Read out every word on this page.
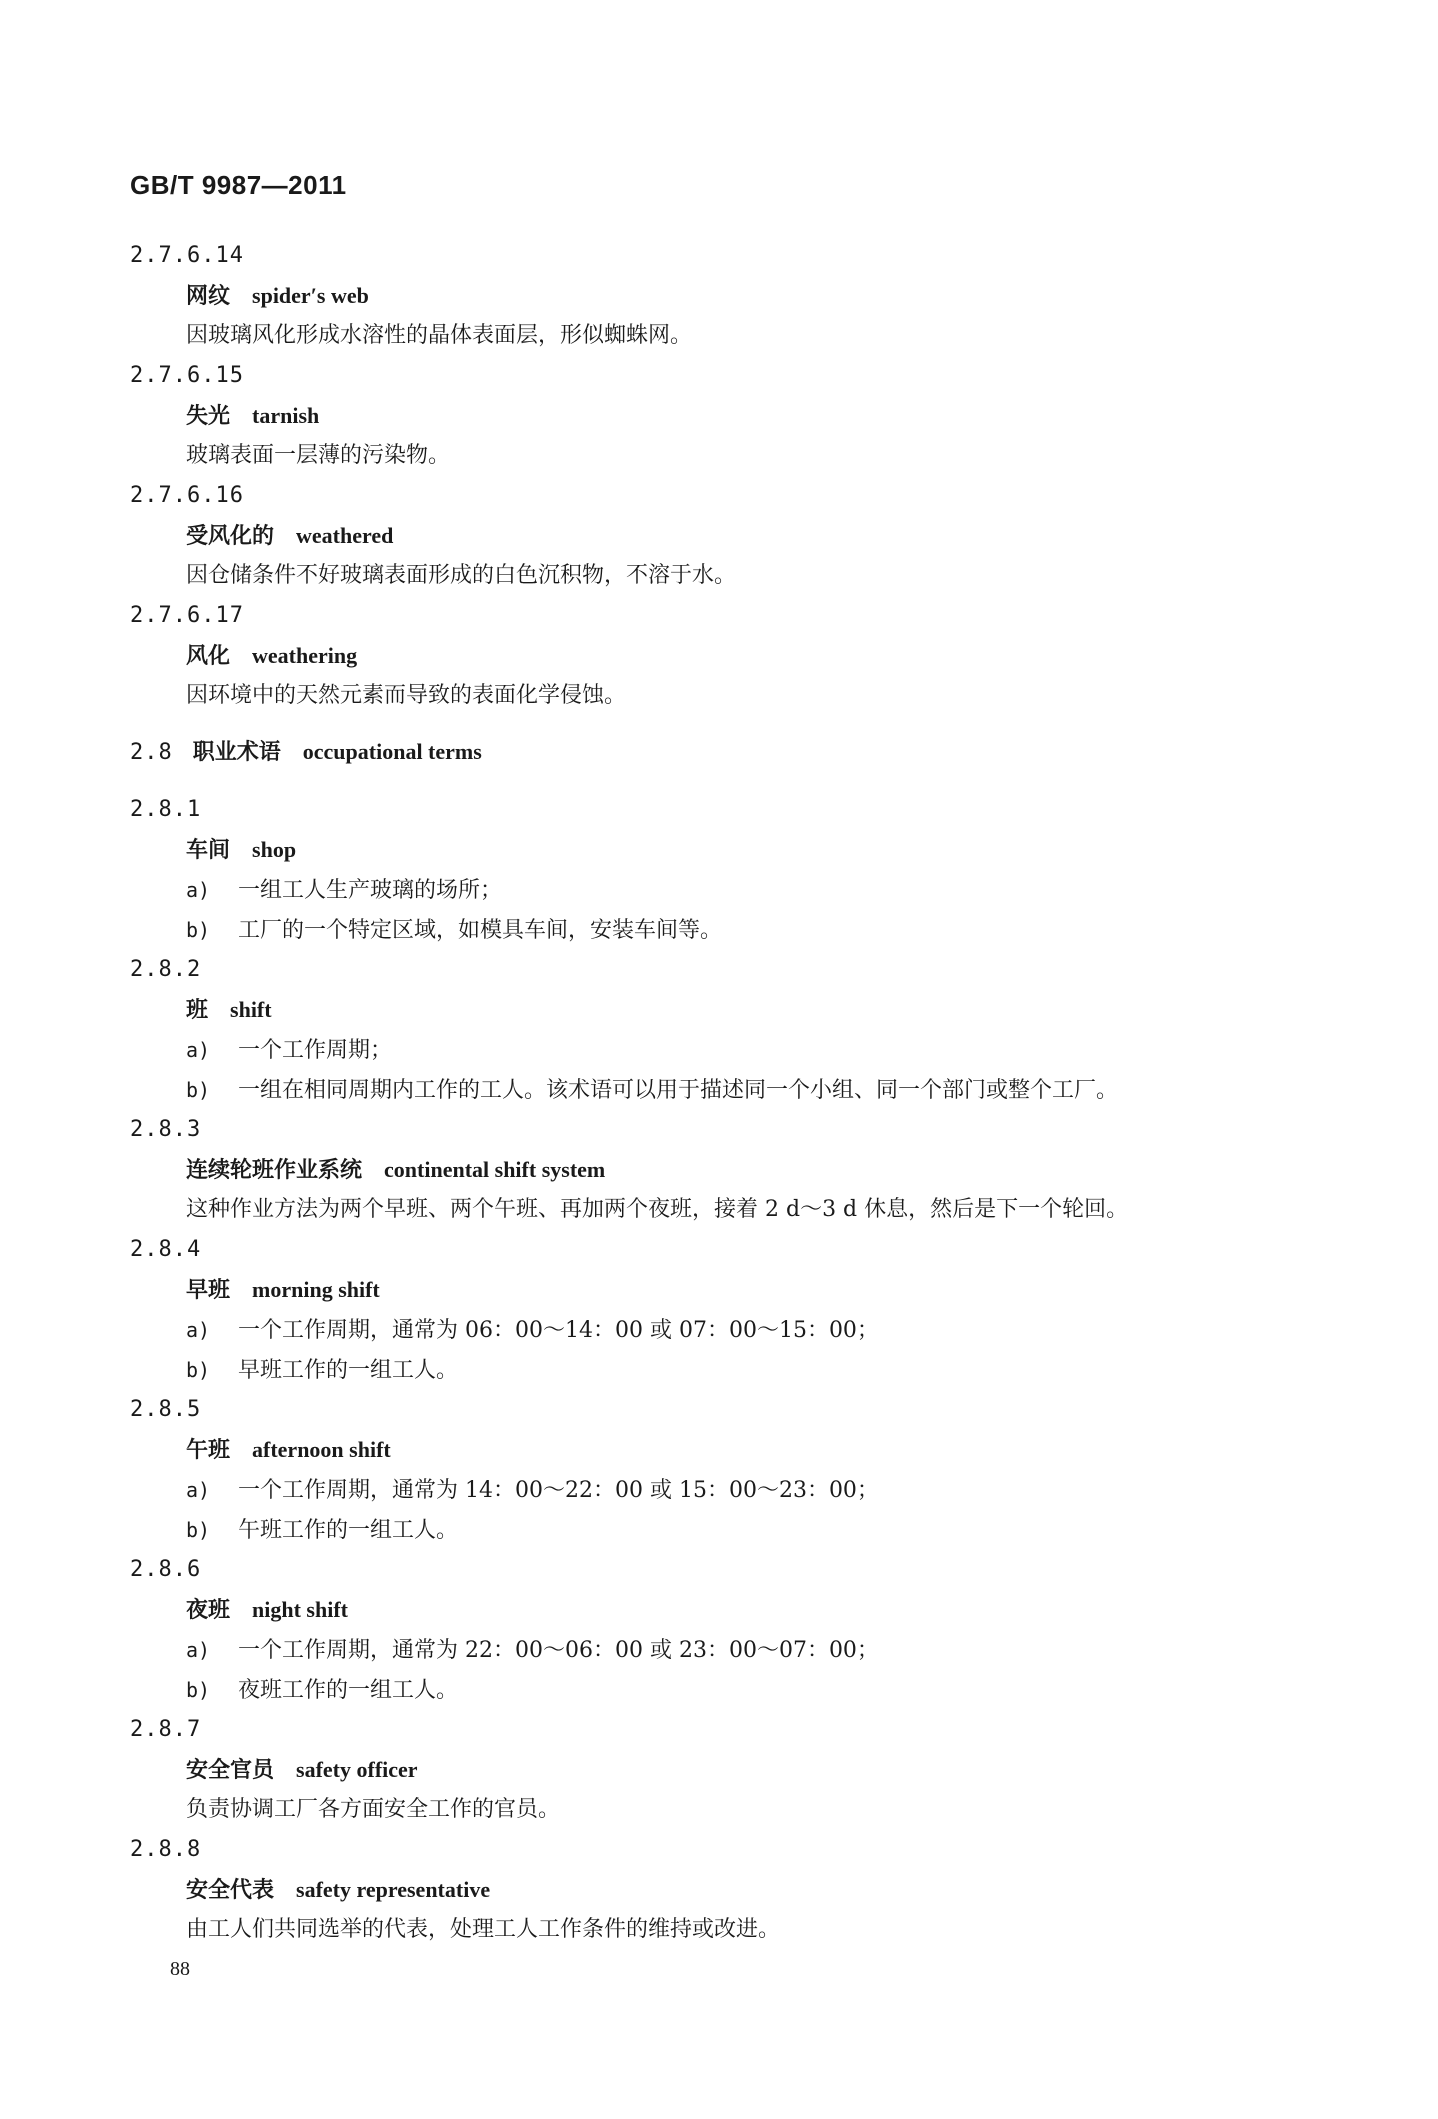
GB/T 9987—2011
2.7.6.14
网纹 spider′s web
因玻璃风化形成水溶性的晶体表面层，形似蜘蛛网。
2.7.6.15
失光 tarnish
玻璃表面一层薄的污染物。
2.7.6.16
受风化的 weathered
因仓储条件不好玻璃表面形成的白色沉积物，不溶于水。
2.7.6.17
风化 weathering
因环境中的天然元素而导致的表面化学侵蚀。
2.8 职业术语 occupational terms
2.8.1
车间 shop
a) 一组工人生产玻璃的场所；
b) 工厂的一个特定区域，如模具车间，安装车间等。
2.8.2
班 shift
a) 一个工作周期；
b) 一组在相同周期内工作的工人。该术语可以用于描述同一个小组、同一个部门或整个工厂。
2.8.3
连续轮班作业系统 continental shift system
这种作业方法为两个早班、两个午班、再加两个夜班，接着 2 d～3 d 休息，然后是下一个轮回。
2.8.4
早班 morning shift
a) 一个工作周期，通常为 06：00～14：00 或 07：00～15：00；
b) 早班工作的一组工人。
2.8.5
午班 afternoon shift
a) 一个工作周期，通常为 14：00～22：00 或 15：00～23：00；
b) 午班工作的一组工人。
2.8.6
夜班 night shift
a) 一个工作周期，通常为 22：00～06：00 或 23：00～07：00；
b) 夜班工作的一组工人。
2.8.7
安全官员 safety officer
负责协调工厂各方面安全工作的官员。
2.8.8
安全代表 safety representative
由工人们共同选举的代表，处理工人工作条件的维持或改进。
88
